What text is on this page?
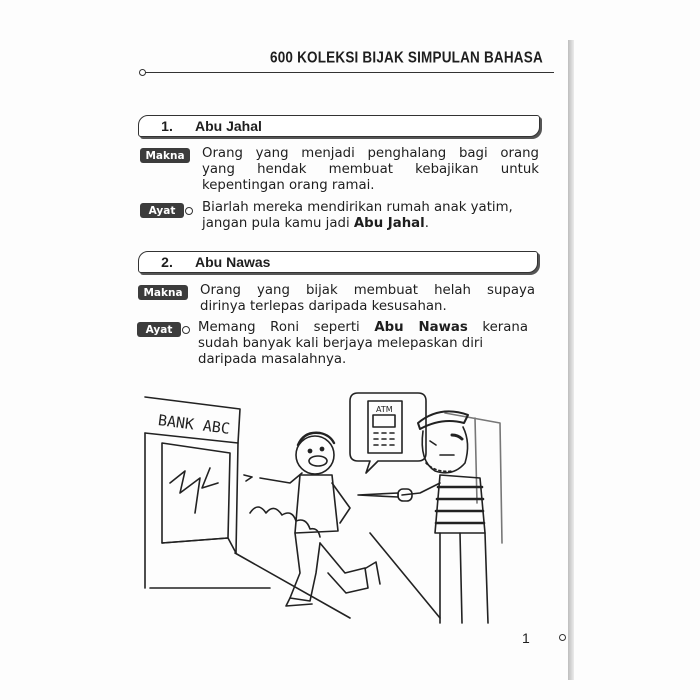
600 KOLEKSI BIJAK SIMPULAN BAHASA
1.	Abu Jahal
Makna	Orang yang menjadi penghalang bagi orang
yang hendak membuat kebajikan untuk
kepentingan orang ramai.
Ayat	Biarlah mereka mendirikan rumah anak yatim,
jangan pula kamu jadi Abu Jahal.
2.	Abu Nawas
Makna	Orang yang bijak membuat helah supaya
dirinya terlepas daripada kesusahan.
Ayat	Memang Roni seperti Abu Nawas kerana
sudah banyak kali berjaya melepaskan diri
daripada masalahnya.
BANK ABC
ATM
1
